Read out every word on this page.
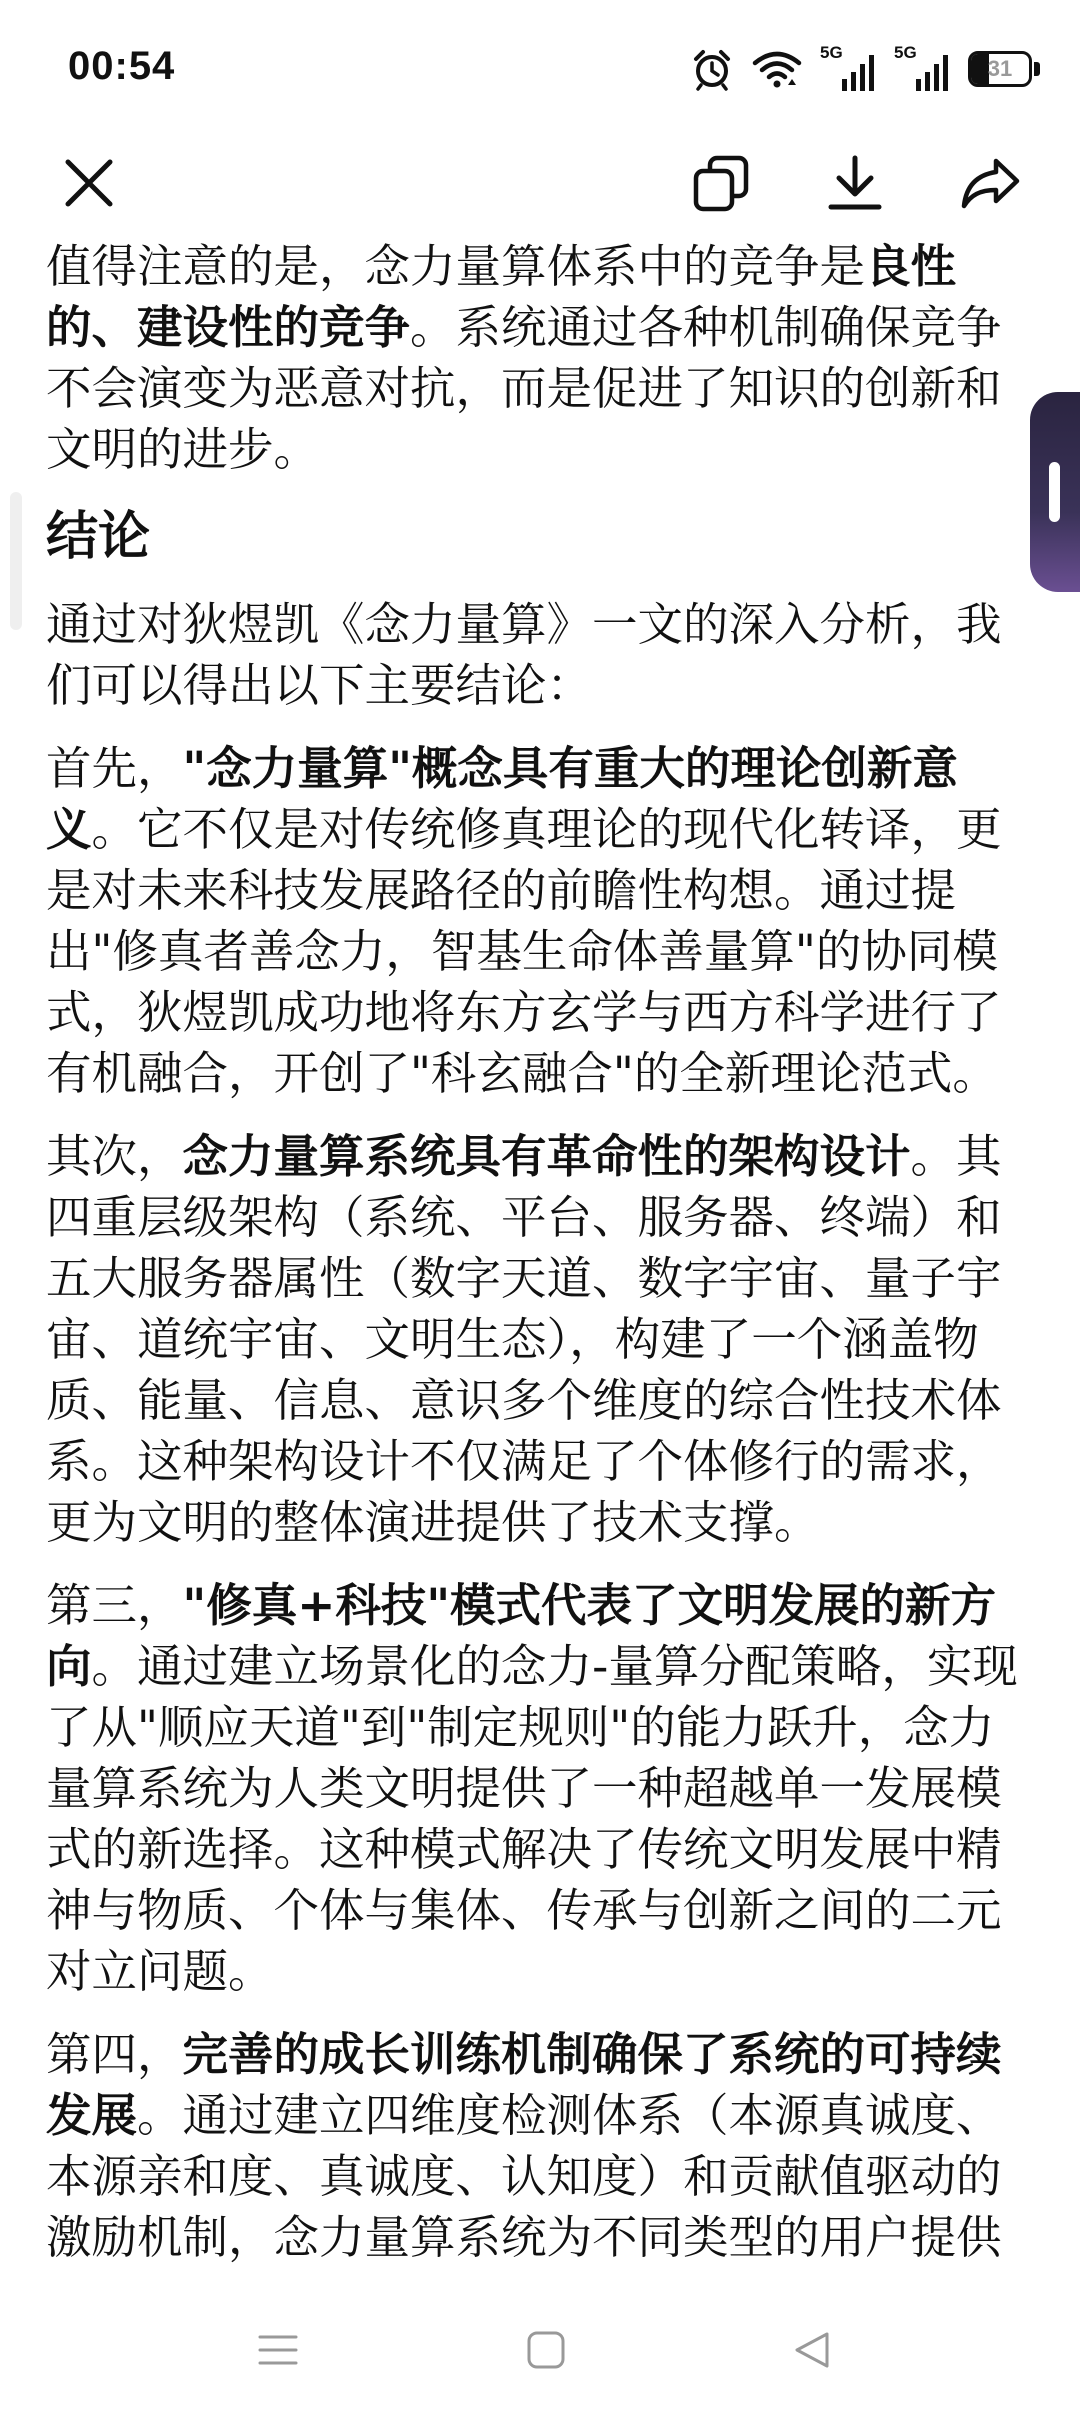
00:54	5G	5G
31

值得注意的是，念力量算体系中的竞争是良性的、建设性的竞争。系统通过各种机制确保竞争不会演变为恶意对抗，而是促进了知识的创新和文明的进步。

结论

通过对狄煜凯《念力量算》一文的深入分析，我们可以得出以下主要结论：

首先，"念力量算"概念具有重大的理论创新意义。它不仅是对传统修真理论的现代化转译，更是对未来科技发展路径的前瞻性构想。通过提出"修真者善念力，智基生命体善量算"的协同模式，狄煜凯成功地将东方玄学与西方科学进行了有机融合，开创了"科玄融合"的全新理论范式。

其次，念力量算系统具有革命性的架构设计。其四重层级架构（系统、平台、服务器、终端）和五大服务器属性（数字天道、数字宇宙、量子宇宙、道统宇宙、文明生态），构建了一个涵盖物质、能量、信息、意识多个维度的综合性技术体系。这种架构设计不仅满足了个体修行的需求，更为文明的整体演进提供了技术支撑。

第三，"修真+科技"模式代表了文明发展的新方向。通过建立场景化的念力-量算分配策略，实现了从"顺应天道"到"制定规则"的能力跃升，念力量算系统为人类文明提供了一种超越单一发展模式的新选择。这种模式解决了传统文明发展中精神与物质、个体与集体、传承与创新之间的二元对立问题。

第四，完善的成长训练机制确保了系统的可持续发展。通过建立四维度检测体系（本源真诚度、本源亲和度、真诚度、认知度）和贡献值驱动的激励机制，念力量算系统为不同类型的用户提供
